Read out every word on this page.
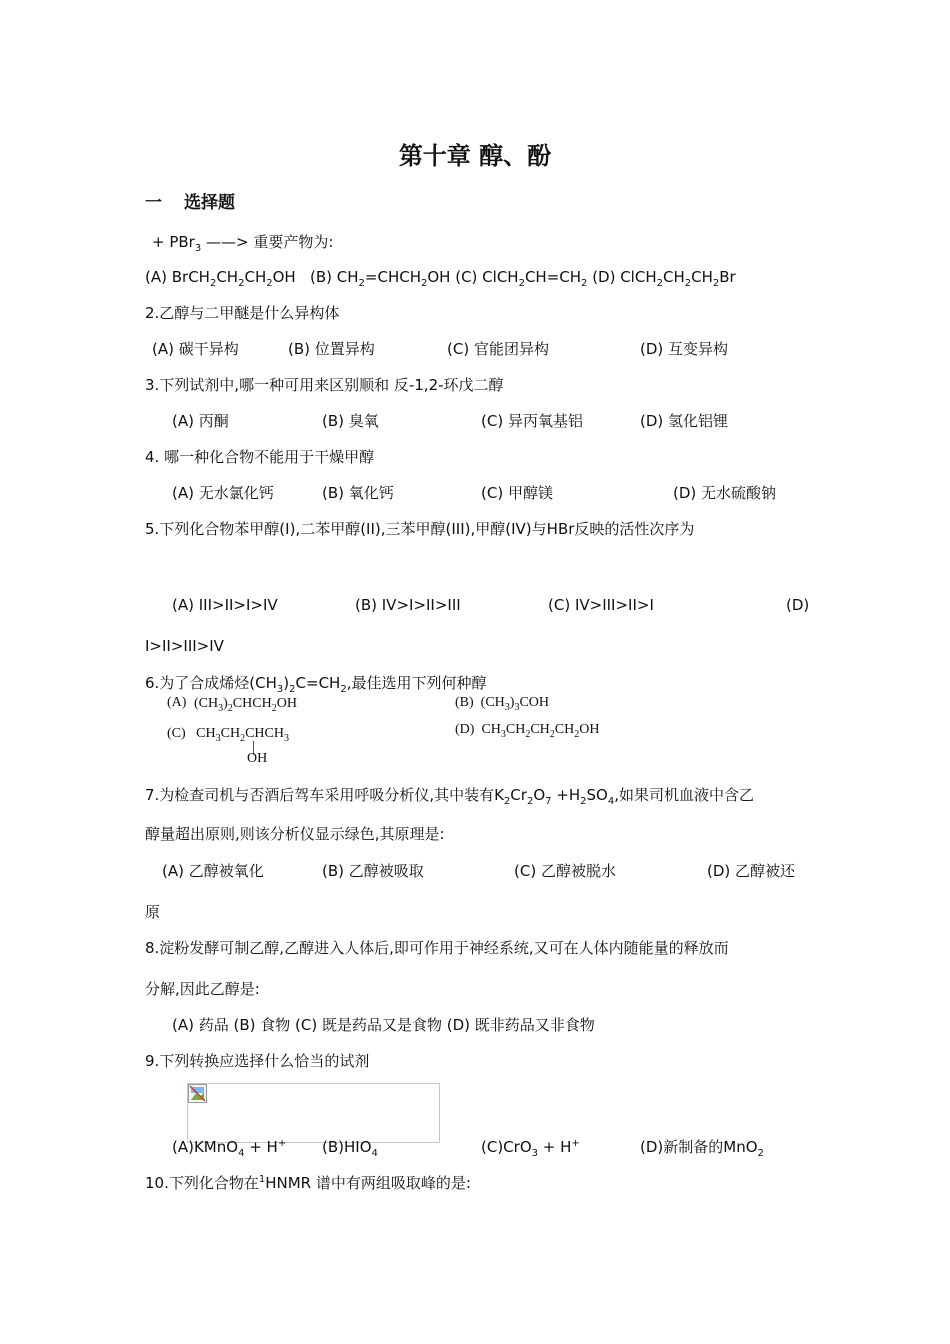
第十章 醇、酚
一 选择题
+ PBr$_3$ ——> 重要产物为:
(A) $BrCH_2CH_2CH_2OH$ (B) $CH_2=CHCH_2OH$ (C) $ClCH_2CH=CH_2$ (D) $ClCH_2CH_2CH_2Br$
2.乙醇与二甲醚是什么异构体
(A) 碳干异构	(B) 位置异构	(C) 官能团异构	(D) 互变异构
3.下列试剂中,哪一种可用来区别顺和 反-1,2-环戊二醇
(A) 丙酮	(B) 臭氧	(C) 异丙氧基铝	(D) 氢化铝锂
4. 哪一种化合物不能用于干燥甲醇
(A) 无水氯化钙	(B) 氧化钙	(C) 甲醇镁	(D) 无水硫酸钠
5.下列化合物苯甲醇(I),二苯甲醇(II),三苯甲醇(III),甲醇(IV)与HBr反映的活性次序为
(A) III>II>I>IV	(B) IV>I>II>III	(C) IV>III>II>I	(D)
I>II>III>IV
6.为了合成烯烃$(CH_3)_2C=CH_2$,最佳选用下列何种醇
(A) $(CH_3)_2CHCH_2OH$	(B) $(CH_3)_3COH$
(C) $CH_3CH_2CHCH_3$
OH
(D) $CH_3CH_2CH_2CH_2OH$
7.为检查司机与否酒后驾车采用呼吸分析仪,其中装有$K_2Cr_2O_7 +H_2SO_4$,如果司机血液中含乙
醇量超出原则,则该分析仪显示绿色,其原理是:
(A) 乙醇被氧化	(B) 乙醇被吸取	(C) 乙醇被脱水	(D) 乙醇被还
原
8.淀粉发酵可制乙醇,乙醇进入人体后,即可作用于神经系统,又可在人体内随能量的释放而
分解,因此乙醇是:
(A) 药品 (B) 食物 (C) 既是药品又是食物 (D) 既非药品又非食物
9.下列转换应选择什么恰当的试剂
(A)KMnO$_4$ + H+ $(B)HIO_4$	(C)CrO$_3$ + H+	(D)新制备的MnO$_2$
10.下列化合物在$^1$HNMR 谱中有两组吸取峰的是:
